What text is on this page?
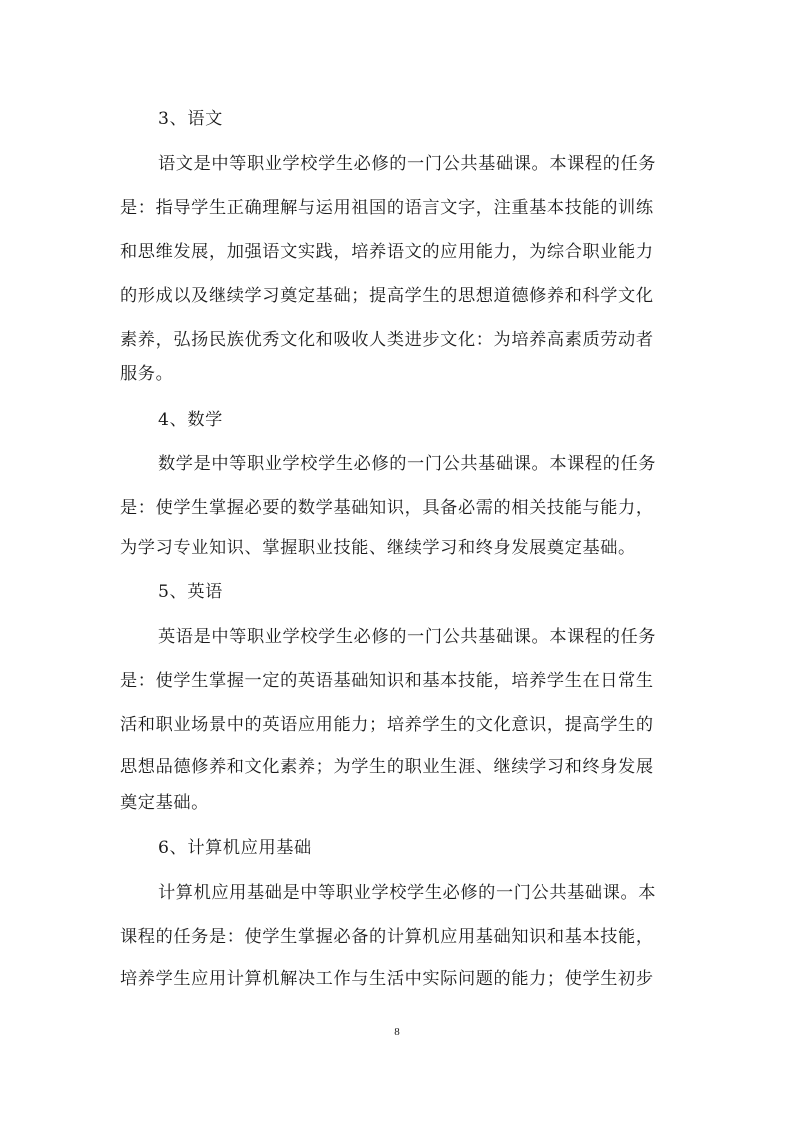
3、语文
语文是中等职业学校学生必修的一门公共基础课。本课程的任务
是：指导学生正确理解与运用祖国的语言文字，注重基本技能的训练
和思维发展，加强语文实践，培养语文的应用能力，为综合职业能力
的形成以及继续学习奠定基础；提高学生的思想道德修养和科学文化
素养，弘扬民族优秀文化和吸收人类进步文化：为培养高素质劳动者
服务。
4、数学
数学是中等职业学校学生必修的一门公共基础课。本课程的任务
是：使学生掌握必要的数学基础知识，具备必需的相关技能与能力，
为学习专业知识、掌握职业技能、继续学习和终身发展奠定基础。
5、英语
英语是中等职业学校学生必修的一门公共基础课。本课程的任务
是：使学生掌握一定的英语基础知识和基本技能，培养学生在日常生
活和职业场景中的英语应用能力；培养学生的文化意识，提高学生的
思想品德修养和文化素养；为学生的职业生涯、继续学习和终身发展
奠定基础。
6、计算机应用基础
计算机应用基础是中等职业学校学生必修的一门公共基础课。本
课程的任务是：使学生掌握必备的计算机应用基础知识和基本技能，
培养学生应用计算机解决工作与生活中实际问题的能力；使学生初步
8
